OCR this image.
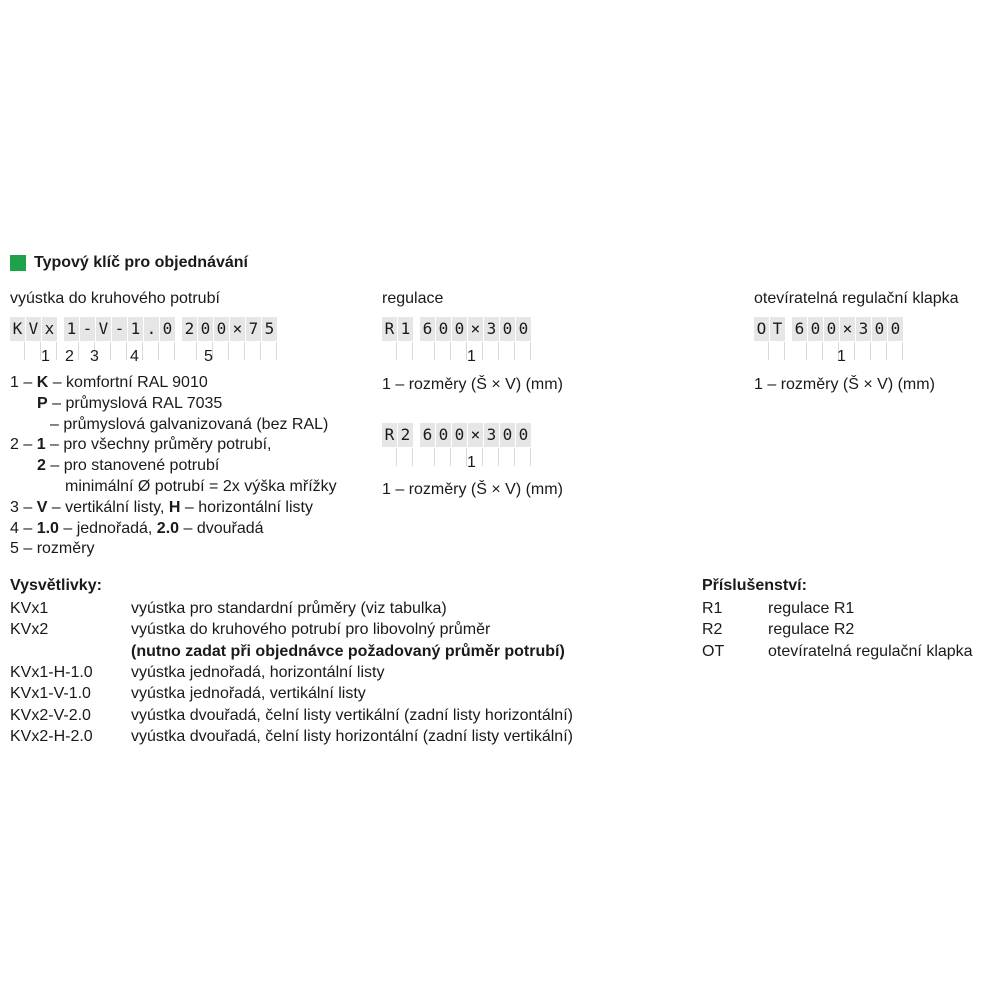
Typový klíč pro objednávání
vyústka do kruhového potrubí
K V x 1 - V - 1 . 0 2 0 0 × 7 5
1 2 3 4	5
1 – K – komfortní RAL 9010
P – průmyslová RAL 7035
– průmyslová galvanizovaná (bez RAL)
2 – 1 – pro všechny průměry potrubí,
2 – pro stanovené potrubí
minimální Ø potrubí = 2x výška mřížky
3 – V – vertikální listy, H – horizontální listy
4 – 1.0 – jednořadá, 2.0 – dvouřadá
5 – rozměry
regulace
R 1 6 0 0 × 3 0 0
1
1 – rozměry (Š × V) (mm)
R 2 6 0 0 × 3 0 0
1
1 – rozměry (Š × V) (mm)
otevíratelná regulační klapka
O T 6 0 0 × 3 0 0
1
1 – rozměry (Š × V) (mm)
Vysvětlivky:
KVx1	vyústka pro standardní průměry (viz tabulka)
KVx2	vyústka do kruhového potrubí pro libovolný průměr
(nutno zadat při objednávce požadovaný průměr potrubí)
KVx1-H-1.0 vyústka jednořadá, horizontální listy
KVx1-V-1.0	vyústka jednořadá, vertikální listy
KVx2-V-2.0	vyústka dvouřadá, čelní listy vertikální (zadní listy horizontální)
KVx2-H-2.0 vyústka dvouřadá, čelní listy horizontální (zadní listy vertikální)
Příslušenství:
R1	regulace R1
R2	regulace R2
OT	otevíratelná regulační klapka
